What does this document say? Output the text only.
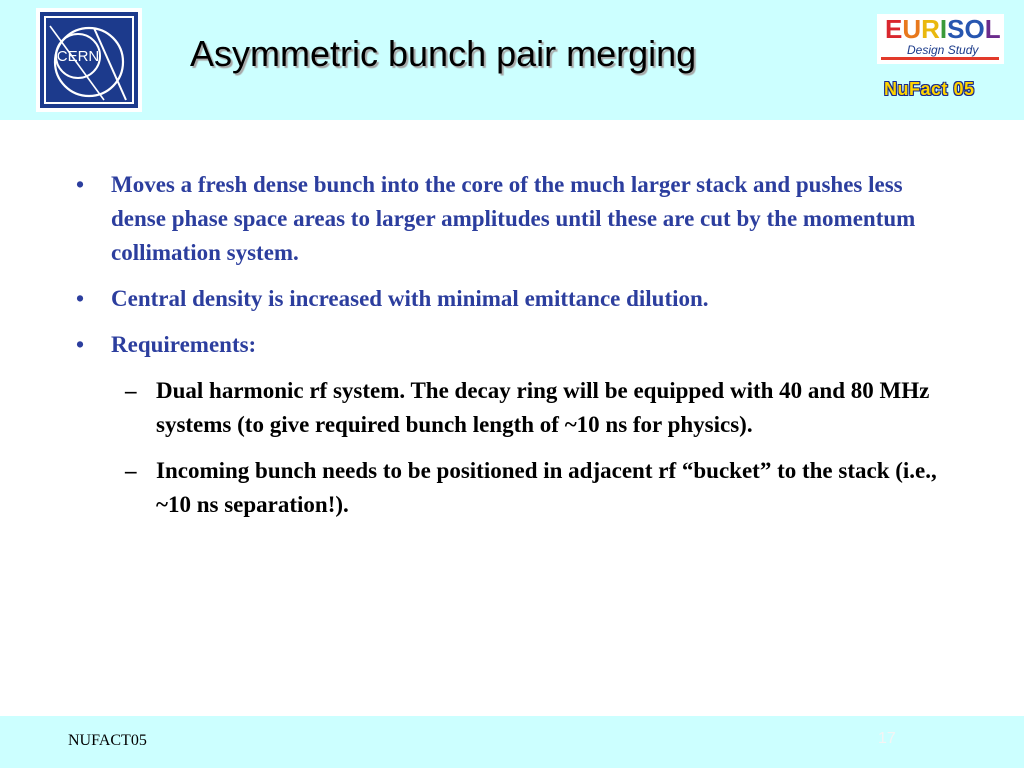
CERN	Asymmetric bunch pair merging
EURISOL
Design Study
NuFact 05
• Moves a fresh dense bunch into the core of the much larger stack and pushes less dense phase space areas to larger amplitudes until these are cut by the momentum collimation system.
• Central density is increased with minimal emittance dilution.
• Requirements:
– Dual harmonic rf system. The decay ring will be equipped with 40 and 80 MHz systems (to give required bunch length of ~10 ns for physics).
– Incoming bunch needs to be positioned in adjacent rf “bucket” to the stack (i.e., ~10 ns separation!).
NUFACT05	17
